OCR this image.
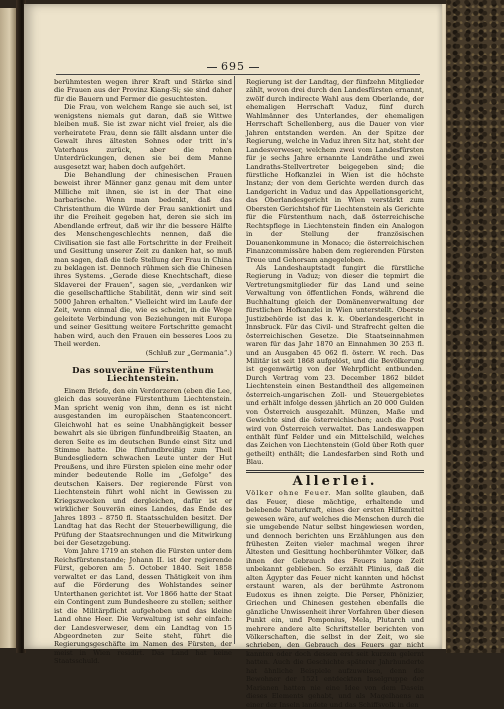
695

berühmtesten wegen ihrer Kraft und Stärke sind die Frauen aus der Provinz Kiang-Si; sie sind daher für die Bauern und Fermer die gesuchtesten.

Die Frau, von welchem Range sie auch sei, ist wenigstens niemals gut daran, daß sie Wittwe bleiben muß. Sie ist zwar nicht viel freier, als die verheiratete Frau, denn sie fällt alsdann unter die Gewalt ihres ältesten Sohnes oder tritt in's Vaterhaus zurück, aber die rohen Unterdrückungen, denen sie bei dem Manne ausgesetzt war, haben doch aufgehört.

Die Behandlung der chinesischen Frauen beweist ihrer Männer ganz genau mit dem unter Milliche mit ihnen, sie ist in der That eine barbarische. Wenn man bedenkt, daß das Christenthum die Würde der Frau sanktionirt und ihr die Freiheit gegeben hat, deren sie sich im Abendlande erfreut, daß wir ihr die bessere Hälfte des Menschengeschlechts nennen, daß die Civilisation sie fast alle Fortschritte in der Freiheit und Gesittung unserer Zeit zu danken hat, so muß man sagen, daß die tiefe Stellung der Frau in China zu beklagen ist. Dennoch rühmen sich die Chinesen ihres Systems. „Gerade diese Knechtschaft, diese Sklaverei der Frauen“, sagen sie, „verdanken wir die gesellschaftliche Stabilität, denn wir sind seit 5000 Jahren erhalten.“ Vielleicht wird im Laufe der Zeit, wenn einmal die, wie es scheint, in die Wege geleitete Verbindung von Beziehungen mit Europa und seiner Gesittung weitere Fortschritte gemacht haben wird, auch den Frauen ein besseres Loos zu Theil werden.

(Schluß zur „Germania“.)

Das souveräne Fürstenthum Liechtenstein.

Einem Briefe, den ein Verdorzeren (eben die Lee, gleich das souveräne Fürstenthum Liechtenstein. Man spricht wenig von ihm, denn es ist nicht ausgestanden im europäischen Staatenconcert. Gleichwohl hat es seine Unabhängigkeit besser bewahrt als sie übrigen fünfundbreißig Staaten, an deren Seite es im deutschen Bunde einst Sitz und Stimme hatte. Die fünfundbreißig zum Theil Bundesgliedern schwachen Leute unter der Hut Preußens, und ihre Fürsten spielen eine mehr oder minder bedeutende Rolle im „Gefolge“ des deutschen Kaisers. Der regierende Fürst von Liechtenstein führt wohl nicht in Gewissen zu Kriegszwecken und dergleichen, dafür ist er wirklicher Souverän eines Landes, das Ende des Jahres 1893 – 8750 fl. Staatsschulden besitzt. Der Landtag hat das Recht der Steuerbewilligung, die Prüfung der Staatsrechnungen und die Mitwirkung bei der Gesetzgebung.

Vom Jahre 1719 an stehen die Fürsten unter dem Reichsfürstenstande; Johann II. ist der regierende Fürst, geboren am 5. October 1840. Seit 1858 verwaltet er das Land, dessen Thätigkeit von ihm auf die Förderung des Wohlstandes seiner Unterthanen gerichtet ist. Vor 1866 hatte der Staat ein Contingent zum Bundesheere zu stellen; seither ist die Militärpflicht aufgehoben und das kleine Land ohne Heer. Die Verwaltung ist sehr einfach: der Landesverweser, dem ein Landtag von 15 Abgeordneten zur Seite steht, führt die Regierungsgeschäfte im Namen des Fürsten, der meist in Wien residirt. Das Land hat keine Staatsschuld.

Regierung ist der Landtag, der fünfzehn Mitglieder zählt, wovon drei durch den Landesfürsten ernannt, zwölf durch indirecte Wahl aus dem Oberlande, der ehemaligen Herrschaft Vaduz, fünf durch Wahlmänner des Unterlandes, der ehemaligen Herrschaft Schellenberg, aus die Dauer von vier Jahren entstanden werden. An der Spitze der Regierung, welche in Vaduz ihren Sitz hat, steht der Landesverweser, welchem zwei vom Landesfürsten für je sechs Jahre ernannte Landräthe und zwei Landraths-Stellvertreter beigegeben sind; die fürstliche Hofkanzlei in Wien ist die höchste Instanz; der von dem Gerichte werden durch das Landgericht in Vaduz und das Appellationsgericht, das Oberlandesgericht in Wien verstärkt zum Obersten Gerichtshof für Liechtenstein als Gerichte für die Fürstenthum nach, daß österreichische Rechtspflege in Liechtenstein finden ein Analogon in der Stellung der französischen Douanenkommune in Monaco; die österreichischen Finanzcommissäre haben dem regierenden Fürsten Treue und Gehorsam angegeloben.

Als Landeshauptstadt fungirt die fürstliche Regierung in Vaduz; von dieser die tepmirt die Vertretungsmitglieder für das Land und seine Verwaltung von öffentlichen Fonds, während die Buchhaltung gleich der Domänenverwaltung der fürstlichen Hofkanzlei in Wien unterstellt. Oberste Justizbehörde ist das k. k. Oberlandesgericht in Innsbruck. Für das Civil- und Strafrecht gelten die österreichischen Gesetze. Die Staatseinnahmen waren für das Jahr 1870 an Einnahmen 30 253 fl. und an Ausgaben 45 062 fl. österr. W. rech. Das Militär ist seit 1868 aufgelöst, und die Bevölkerung ist gegenwärtig von der Wehrpflicht entbunden. Durch Vertrag vom 23. December 1862 bildet Liechtenstein einen Bestandtheil des allgemeinen österreich-ungarischen Zoll- und Steuergebietes und erhält infolge dessen jährlich an 20 000 Gulden von Österreich ausgezahlt. Münzen, Maße und Gewichte sind die österreichischen; auch die Post wird von Österreich verwaltet. Das Landeswappen enthält fünf Felder und ein Mittelschild, welches das Zeichen von Liechtenstein (Gold über Roth quer getheilt) enthält; die Landesfarben sind Roth und Blau.

Allerlei.

Völker ohne Feuer. Man sollte glauben, daß das Feuer, diese mächtige, erhaltende und belebende Naturkraft, eines der ersten Hilfsmittel gewesen wäre, auf welches die Menschen durch die sie umgebende Natur selbst hingewiesen worden, und dennoch berichten uns Erzählungen aus den frühesten Zeiten vieler machmal wegen ihrer Ältesten und Gesittung hochberühmter Völker, daß ihnen der Gebrauch des Feuers lange Zeit unbekannt geblieben. So erzählt Plinius, daß die alten Ägypter das Feuer nicht kannten und höchst erstaunt waren, als der berühmte Astronom Eudoxus es ihnen zeigte. Die Perser, Phönizier, Griechen und Chinesen gestehen ebenfalls die gänzliche Unwissenheit ihrer Vorfahren über diesen Punkt ein, und Pomponius, Mela, Plutarch und mehrere andere alte Schriftsteller berichten von Völkerschaften, die selbst in der Zeit, wo sie schrieben, den Gebrauch des Feuers gar nicht kannten oder doch dessen erst seit kurzem gelernt hatten. Auch die Geschichte späterer Jahrhunderte hat ähnliche Beispiele aufzuweisen, denn die Bewohner der 1521 entdeckten Inselgruppe der Marianen hatten nie eine Idee von dem Dasein dieses Elements gehabt, und als Magelhaens an einer der Inseln landete und das Schiffsvolk in den
